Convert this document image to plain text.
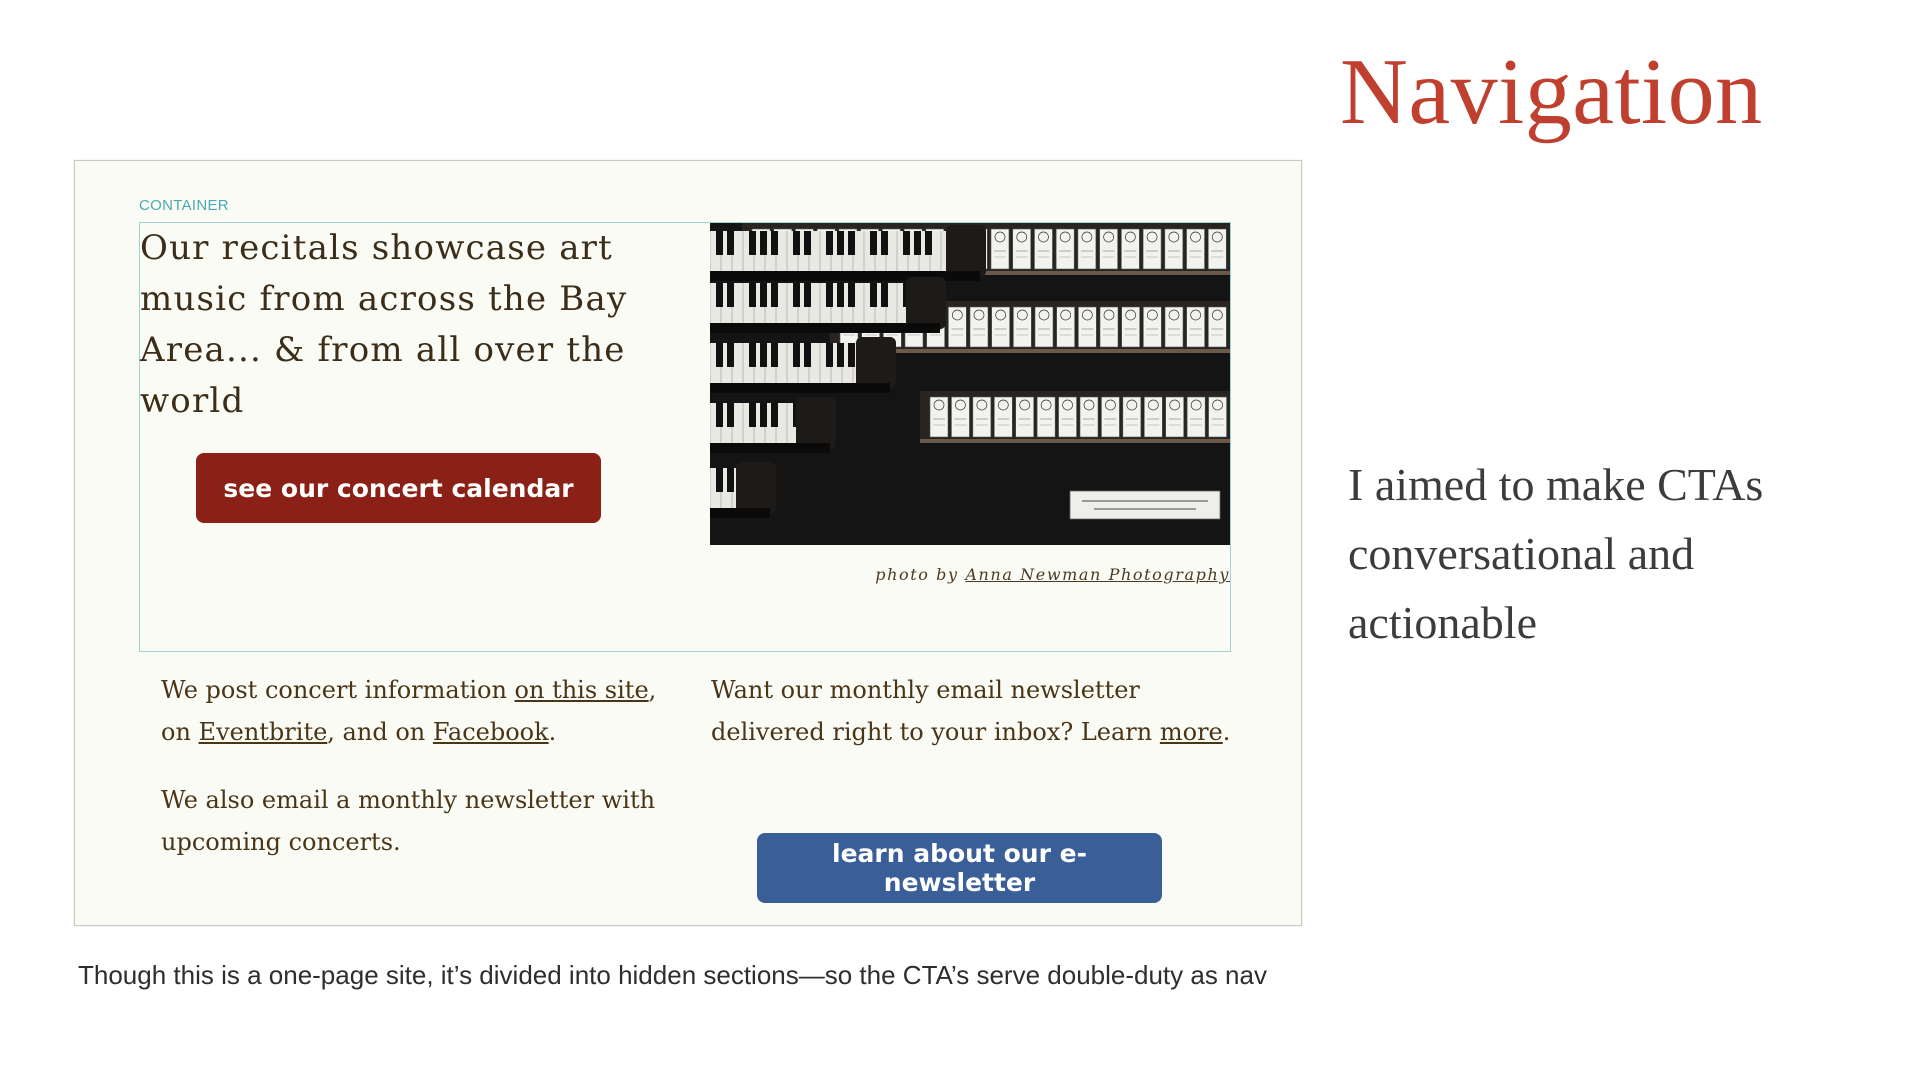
Navigation
CONTAINER
Our recitals showcase art music from across the Bay Area... & from all over the world
see our concert calendar
photo by Anna Newman Photography

We post concert information on this site, on Eventbrite, and on Facebook.

We also email a monthly newsletter with upcoming concerts.

Want our monthly email newsletter delivered right to your inbox? Learn more.

learn about our e-newsletter
I aimed to make CTAs conversational and actionable
Though this is a one-page site, it’s divided into hidden sections—so the CTA’s serve double-duty as nav
